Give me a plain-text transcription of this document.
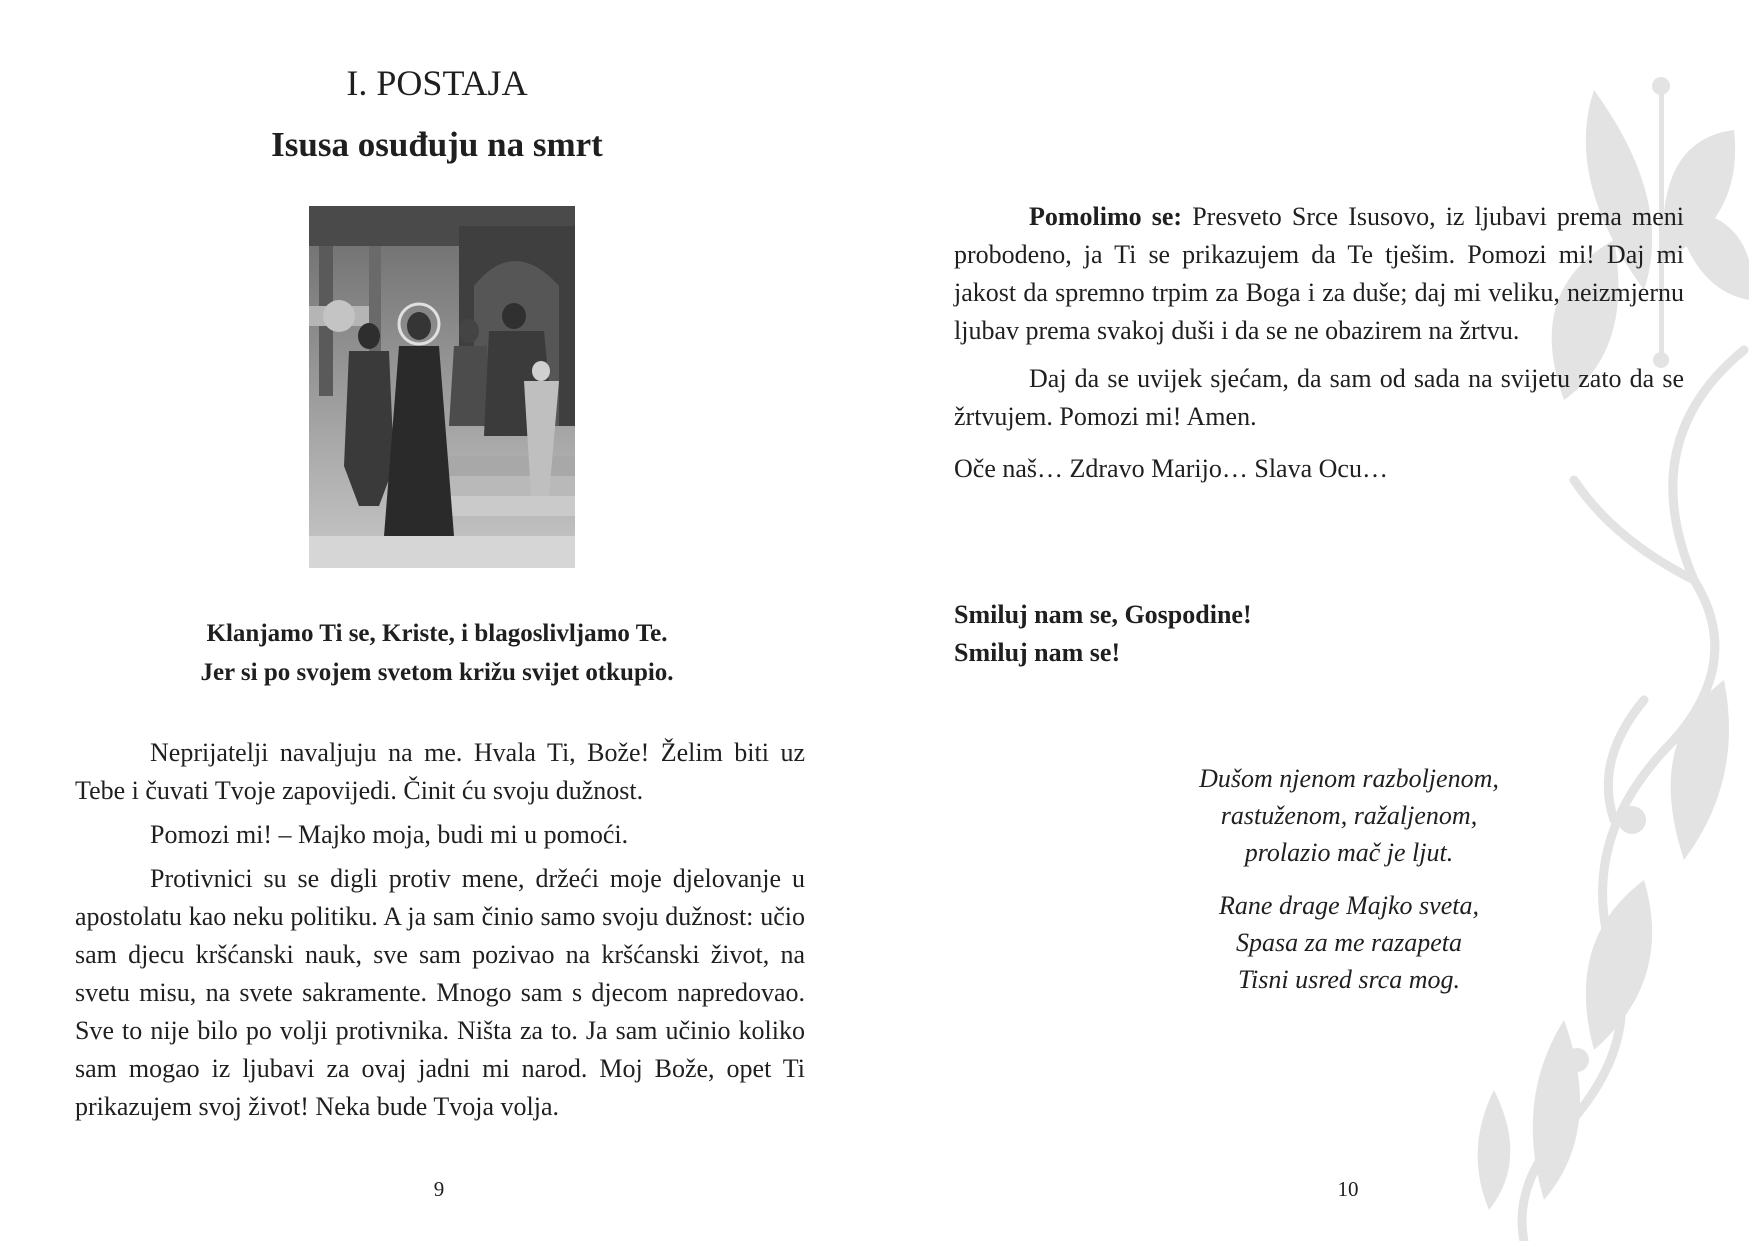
I. POSTAJA
Isusa osuđuju na smrt
Klanjamo Ti se, Kriste, i blagoslivljamo Te.
Jer si po svojem svetom križu svijet otkupio.

Neprijatelji navaljuju na me. Hvala Ti, Bože! Želim biti uz Tebe i čuvati Tvoje zapovijedi. Činit ću svoju dužnost.

Pomozi mi! – Majko moja, budi mi u pomoći.

Protivnici su se digli protiv mene, držeći moje djelovanje u apostolatu kao neku politiku. A ja sam činio samo svoju dužnost: učio sam djecu kršćanski nauk, sve sam pozivao na kršćanski život, na svetu misu, na svete sakramente. Mnogo sam s djecom napredovao. Sve to nije bilo po volji protivnika. Ništa za to. Ja sam učinio koliko sam mogao iz ljubavi za ovaj jadni mi narod. Moj Bože, opet Ti prikazujem svoj život! Neka bude Tvoja volja.

9

Pomolimo se: Presveto Srce Isusovo, iz ljubavi prema meni probodeno, ja Ti se prikazujem da Te tješim. Pomozi mi! Daj mi jakost da spremno trpim za Boga i za duše; daj mi veliku, neizmjernu ljubav prema svakoj duši i da se ne obazirem na žrtvu.

Daj da se uvijek sjećam, da sam od sada na svijetu zato da se žrtvujem. Pomozi mi! Amen.

Oče naš… Zdravo Marijo… Slava Ocu…

Smiluj nam se, Gospodine!
Smiluj nam se!
Dušom njenom razboljenom,
rastuženom, ražaljenom,
prolazio mač je ljut.
Rane drage Majko sveta,
Spasa za me razapeta
Tisni usred srca mog.
10
